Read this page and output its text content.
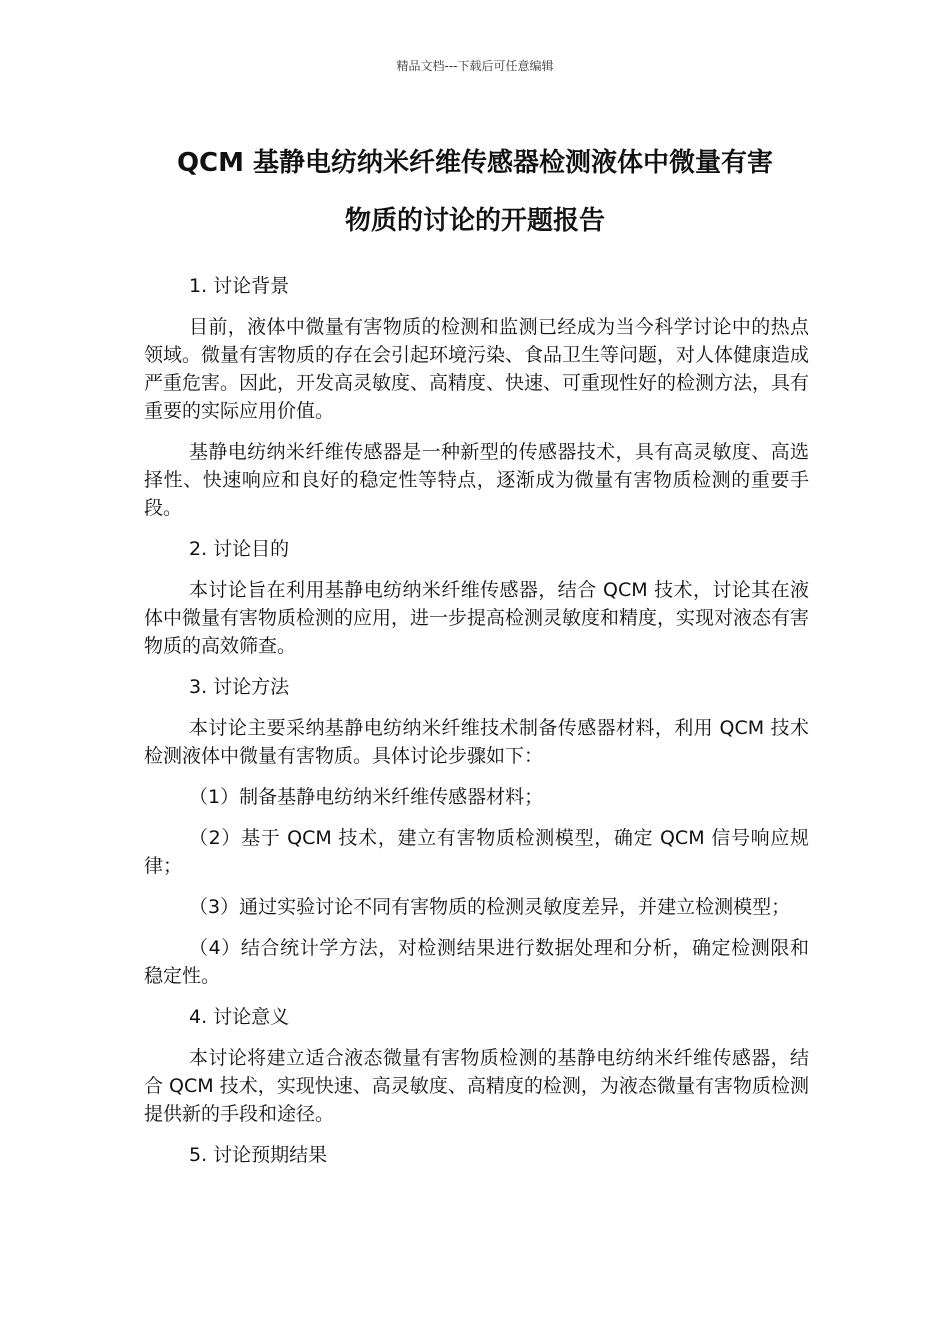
精品文档---下载后可任意编辑
QCM 基静电纺纳米纤维传感器检测液体中微量有害
物质的讨论的开题报告
1. 讨论背景

目前，液体中微量有害物质的检测和监测已经成为当今科学讨论中的热点领域。微量有害物质的存在会引起环境污染、食品卫生等问题，对人体健康造成严重危害。因此，开发高灵敏度、高精度、快速、可重现性好的检测方法，具有重要的实际应用价值。

基静电纺纳米纤维传感器是一种新型的传感器技术，具有高灵敏度、高选择性、快速响应和良好的稳定性等特点，逐渐成为微量有害物质检测的重要手段。

2. 讨论目的

本讨论旨在利用基静电纺纳米纤维传感器，结合 QCM 技术，讨论其在液体中微量有害物质检测的应用，进一步提高检测灵敏度和精度，实现对液态有害物质的高效筛查。

3. 讨论方法

本讨论主要采纳基静电纺纳米纤维技术制备传感器材料，利用 QCM 技术检测液体中微量有害物质。具体讨论步骤如下：

（1）制备基静电纺纳米纤维传感器材料；

（2）基于 QCM 技术，建立有害物质检测模型，确定 QCM 信号响应规律；

（3）通过实验讨论不同有害物质的检测灵敏度差异，并建立检测模型；

（4）结合统计学方法，对检测结果进行数据处理和分析，确定检测限和稳定性。

4. 讨论意义

本讨论将建立适合液态微量有害物质检测的基静电纺纳米纤维传感器，结合 QCM 技术，实现快速、高灵敏度、高精度的检测，为液态微量有害物质检测提供新的手段和途径。

5. 讨论预期结果
